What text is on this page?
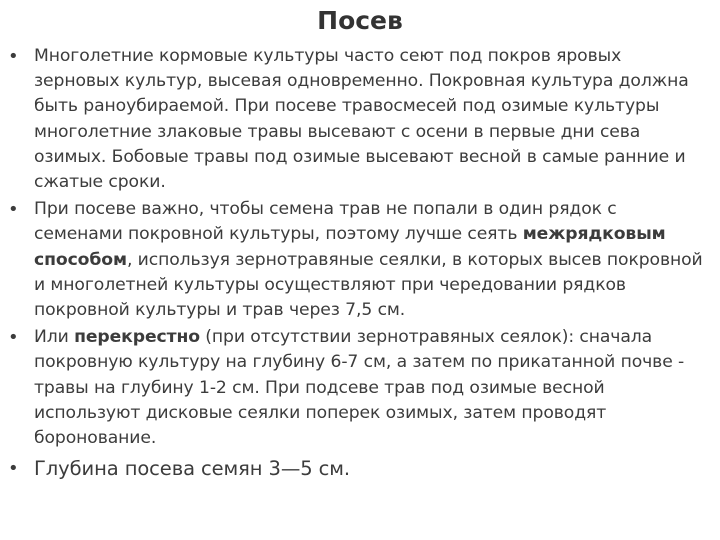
Посев
• Многолетние кормовые культуры часто сеют под покров яровых зерновых культур, высевая одновременно. Покровная культура должна быть раноубираемой. При посеве травосмесей под озимые культуры многолетние злаковые травы высевают с осени в первые дни сева озимых. Бобовые травы под озимые высевают весной в самые ранние и сжатые сроки.
• При посеве важно, чтобы семена трав не попали в один рядок с семенами покровной культуры, поэтому лучше сеять межрядковым способом, используя зернотравяные сеялки, в которых высев покровной и многолетней культуры осуществляют при чередовании рядков покровной культуры и трав через 7,5 см.
• Или перекрестно (при отсутствии зернотравяных сеялок): сначала покровную культуру на глубину 6-7 см, а затем по прикатанной почве - травы на глубину 1-2 см. При подсеве трав под озимые весной используют дисковые сеялки поперек озимых, затем проводят боронование.
• Глубина посева семян 3—5 см.
